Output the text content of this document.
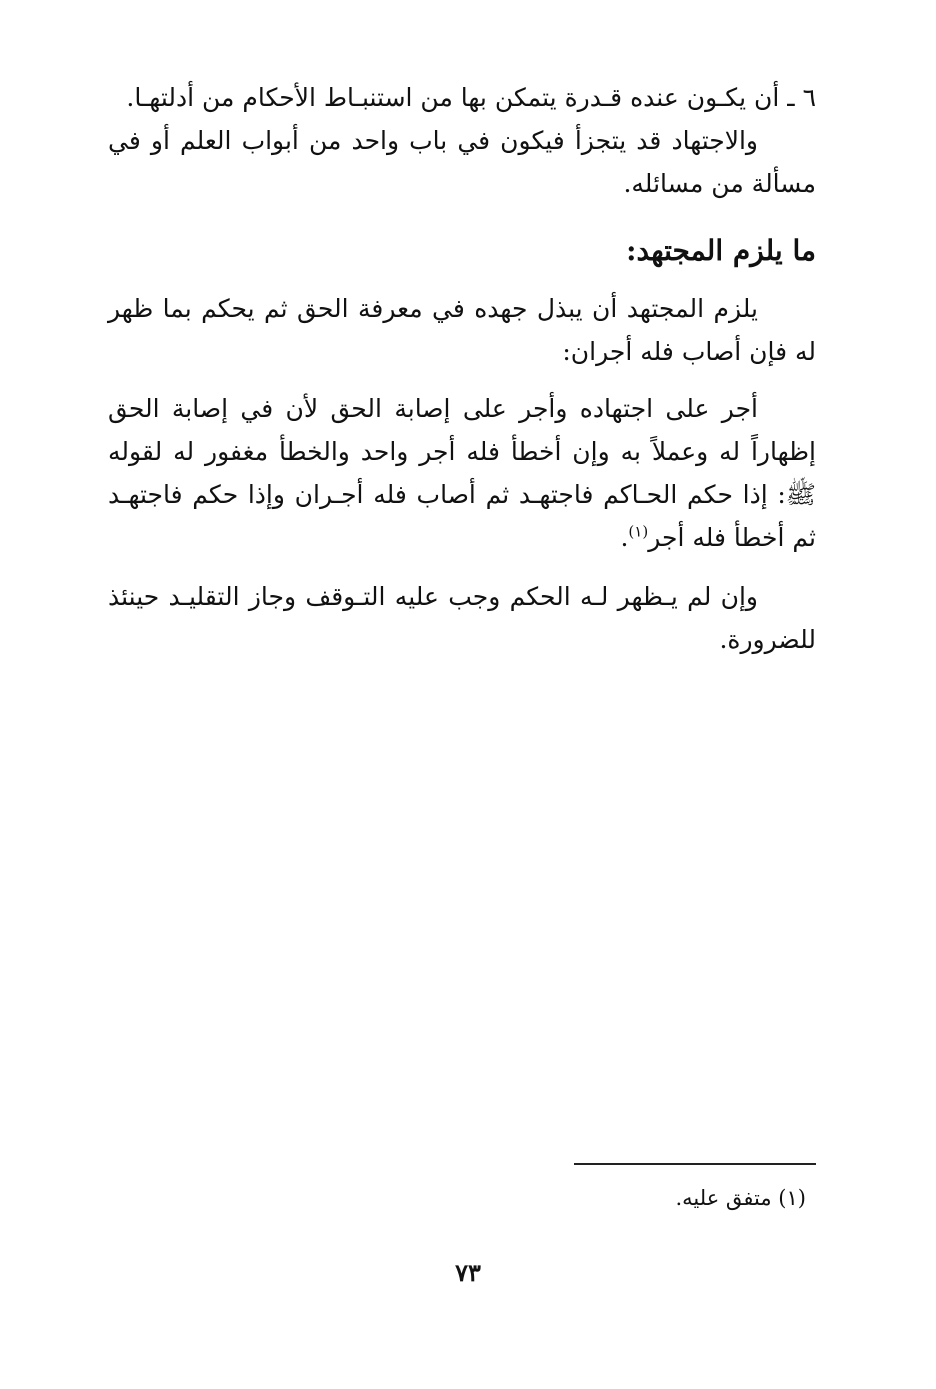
٦ ـ أن يكـون عنده قـدرة يتمكن بها من استنبـاط الأحكام من أدلتهـا.
والاجتهاد قد يتجزأ فيكون في باب واحد من أبواب العلم أو في مسألة من مسائله.
ما يلزم المجتهد:
يلزم المجتهد أن يبذل جهده في معرفة الحق ثم يحكم بما ظهر له فإن أصاب فله أجران:
أجر على اجتهاده وأجر على إصابة الحق لأن في إصابة الحق إظهاراً له وعملاً به وإن أخطأ فله أجر واحد والخطأ مغفور له لقوله ﷺ: إذا حكم الحـاكم فاجتهـد ثم أصاب فله أجـران وإذا حكم فاجتهـد ثم أخطأ فله أجر$^{(١)}$.
وإن لم يـظهر لـه الحكم وجب عليه التـوقف وجاز التقليـد حينئذ للضرورة.
(١) متفق عليه.
٧٣
